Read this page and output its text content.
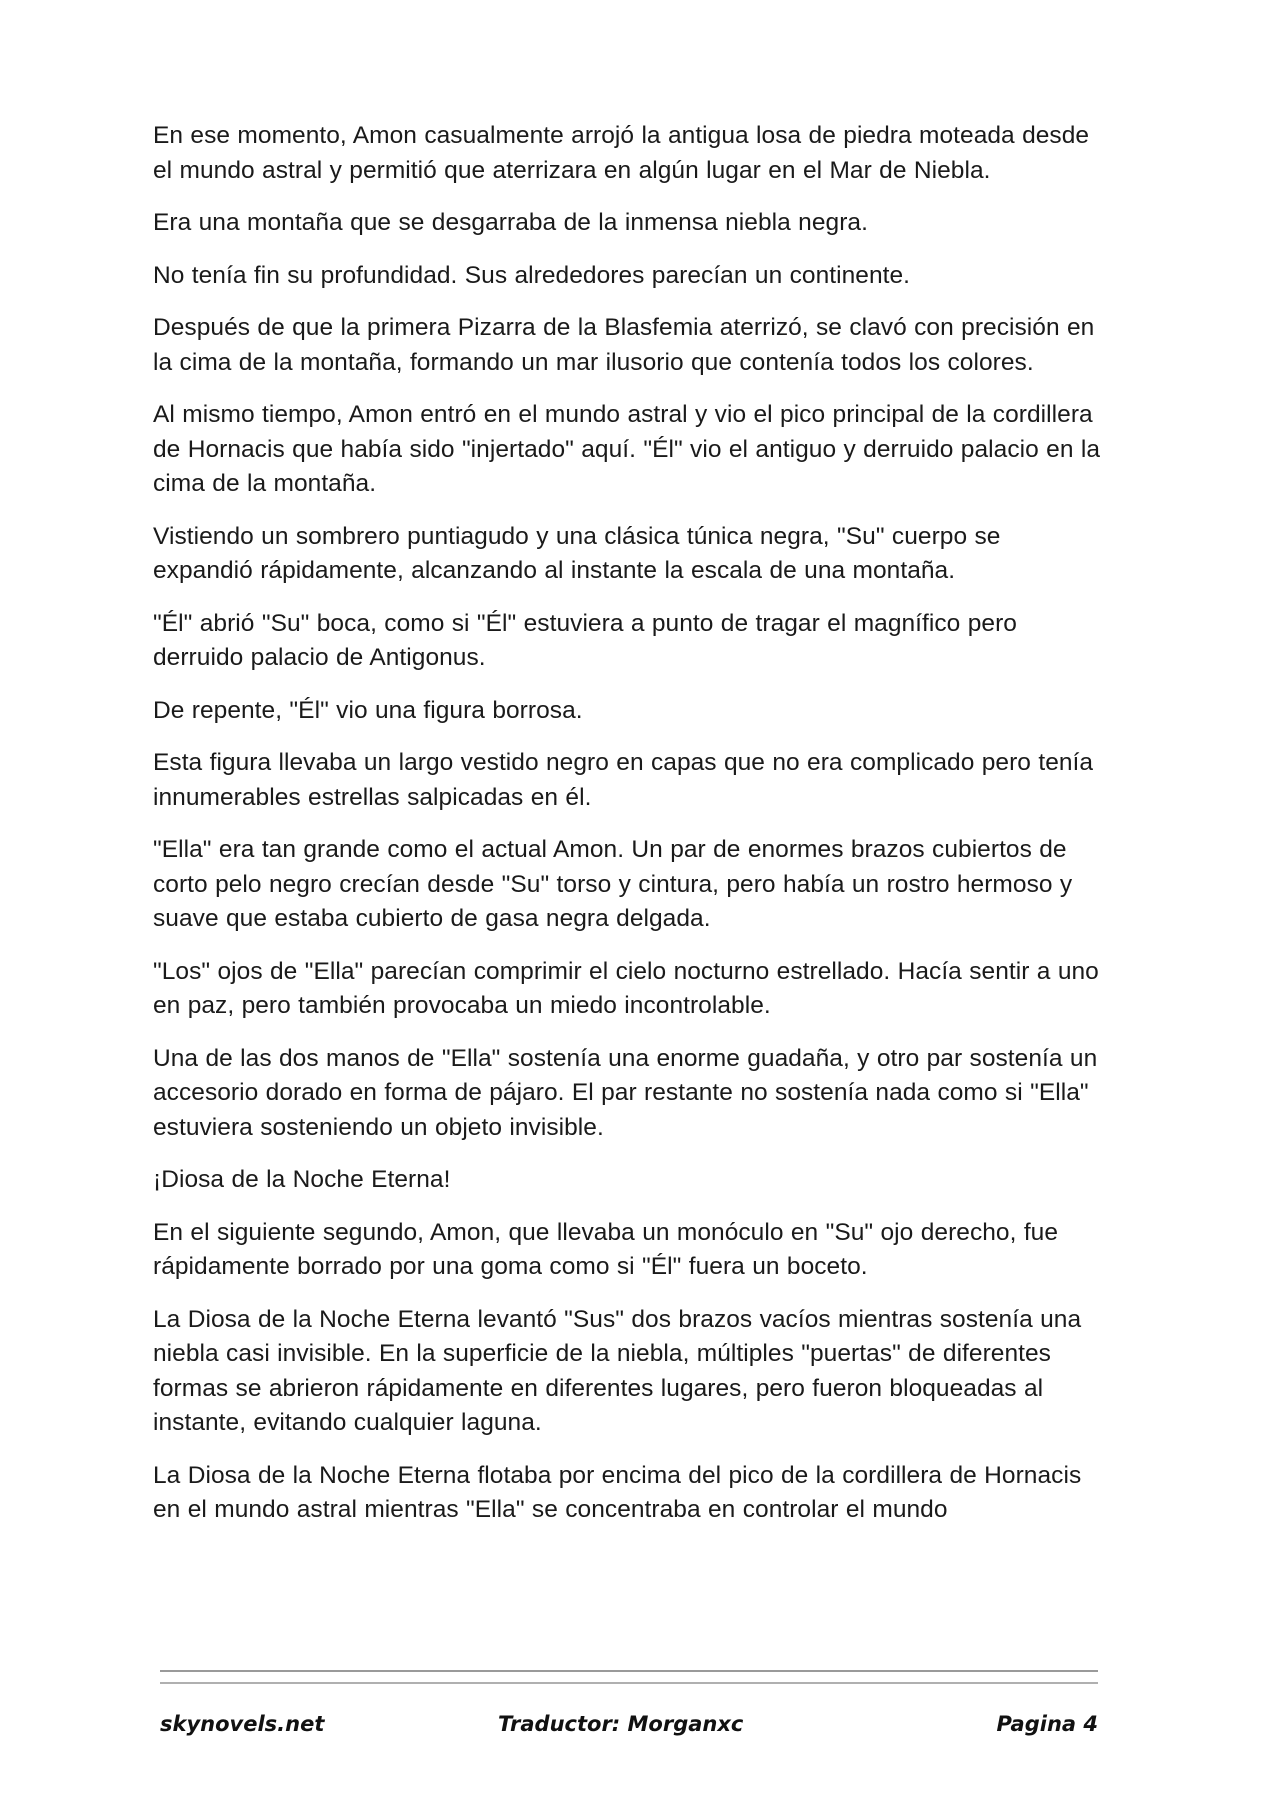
En ese momento, Amon casualmente arrojó la antigua losa de piedra moteada desde el mundo astral y permitió que aterrizara en algún lugar en el Mar de Niebla.

Era una montaña que se desgarraba de la inmensa niebla negra.

No tenía fin su profundidad. Sus alrededores parecían un continente.

Después de que la primera Pizarra de la Blasfemia aterrizó, se clavó con precisión en la cima de la montaña, formando un mar ilusorio que contenía todos los colores.

Al mismo tiempo, Amon entró en el mundo astral y vio el pico principal de la cordillera de Hornacis que había sido "injertado" aquí. "Él" vio el antiguo y derruido palacio en la cima de la montaña.

Vistiendo un sombrero puntiagudo y una clásica túnica negra, "Su" cuerpo se expandió rápidamente, alcanzando al instante la escala de una montaña.

"Él" abrió "Su" boca, como si "Él" estuviera a punto de tragar el magnífico pero derruido palacio de Antigonus.

De repente, "Él" vio una figura borrosa.

Esta figura llevaba un largo vestido negro en capas que no era complicado pero tenía innumerables estrellas salpicadas en él.

"Ella" era tan grande como el actual Amon. Un par de enormes brazos cubiertos de corto pelo negro crecían desde "Su" torso y cintura, pero había un rostro hermoso y suave que estaba cubierto de gasa negra delgada.

"Los" ojos de "Ella" parecían comprimir el cielo nocturno estrellado. Hacía sentir a uno en paz, pero también provocaba un miedo incontrolable.

Una de las dos manos de "Ella" sostenía una enorme guadaña, y otro par sostenía un accesorio dorado en forma de pájaro. El par restante no sostenía nada como si "Ella" estuviera sosteniendo un objeto invisible.

¡Diosa de la Noche Eterna!

En el siguiente segundo, Amon, que llevaba un monóculo en "Su" ojo derecho, fue rápidamente borrado por una goma como si "Él" fuera un boceto.

La Diosa de la Noche Eterna levantó "Sus" dos brazos vacíos mientras sostenía una niebla casi invisible. En la superficie de la niebla, múltiples "puertas" de diferentes formas se abrieron rápidamente en diferentes lugares, pero fueron bloqueadas al instante, evitando cualquier laguna.

La Diosa de la Noche Eterna flotaba por encima del pico de la cordillera de Hornacis en el mundo astral mientras "Ella" se concentraba en controlar el mundo

skynovels.net	Traductor: Morganxc	Pagina 4
